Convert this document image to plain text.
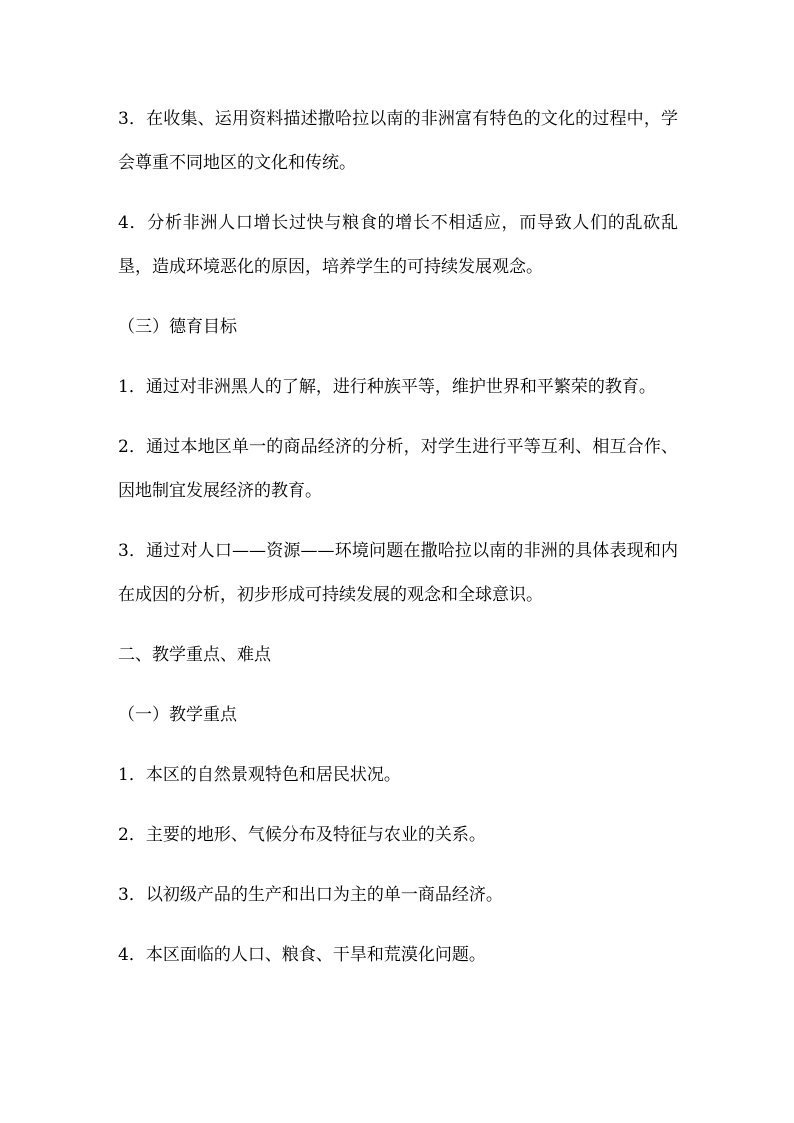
3．在收集、运用资料描述撒哈拉以南的非洲富有特色的文化的过程中，学会尊重不同地区的文化和传统。

4．分析非洲人口增长过快与粮食的增长不相适应，而导致人们的乱砍乱垦，造成环境恶化的原因，培养学生的可持续发展观念。

（三）德育目标

1．通过对非洲黑人的了解，进行种族平等，维护世界和平繁荣的教育。

2．通过本地区单一的商品经济的分析，对学生进行平等互利、相互合作、因地制宜发展经济的教育。

3．通过对人口——资源——环境问题在撒哈拉以南的非洲的具体表现和内在成因的分析，初步形成可持续发展的观念和全球意识。

二、教学重点、难点

（一）教学重点

1．本区的自然景观特色和居民状况。

2．主要的地形、气候分布及特征与农业的关系。

3．以初级产品的生产和出口为主的单一商品经济。

4．本区面临的人口、粮食、干旱和荒漠化问题。
